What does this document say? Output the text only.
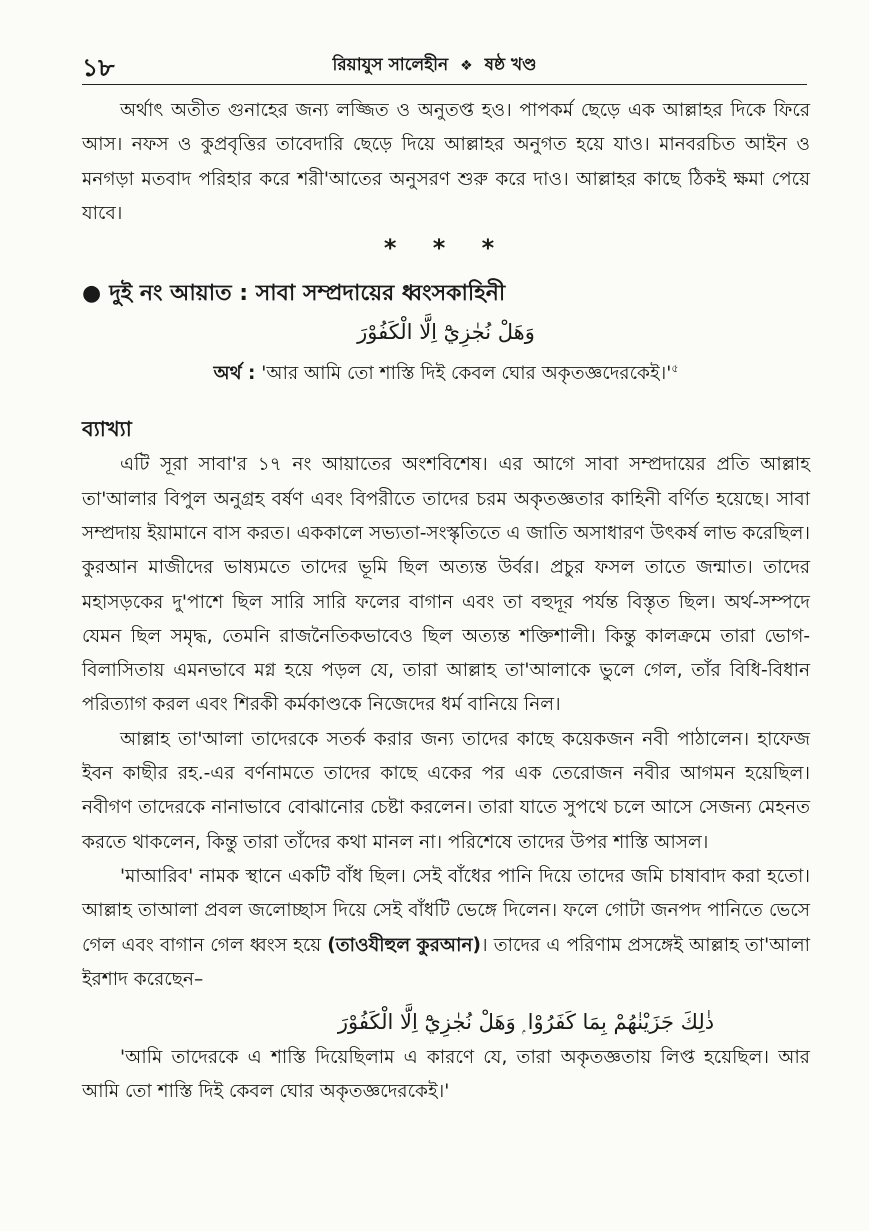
১৮	রিয়াযুস সালেহীন ❖ ষষ্ঠ খণ্ড

অর্থাৎ অতীত গুনাহের জন্য লজ্জিত ও অনুতপ্ত হও। পাপকর্ম ছেড়ে এক আল্লাহর দিকে ফিরে আস। নফস ও কুপ্রবৃত্তির তাবেদারি ছেড়ে দিয়ে আল্লাহর অনুগত হয়ে যাও। মানবরচিত আইন ও মনগড়া মতবাদ পরিহার করে শরী'আতের অনুসরণ শুরু করে দাও। আল্লাহর কাছে ঠিকই ক্ষমা পেয়ে যাবে।

* * *
● দুই নং আয়াত : সাবা সম্প্রদায়ের ধ্বংসকাহিনী
وَهَلْ نُجٰزِيْٓ اِلَّا الْكَفُوْرَ
অর্থ : 'আর আমি তো শাস্তি দিই কেবল ঘোর $অকৃতজ্ঞদেরকেই।'^৫$
ব্যাখ্যা

এটি সূরা সাবা'র ১৭ নং আয়াতের অংশবিশেষ। এর আগে সাবা সম্প্রদায়ের প্রতি আল্লাহ তা'আলার বিপুল অনুগ্রহ বর্ষণ এবং বিপরীতে তাদের চরম অকৃতজ্ঞতার কাহিনী বর্ণিত হয়েছে। সাবা সম্প্রদায় ইয়ামানে বাস করত। এককালে সভ্যতা-সংস্কৃতিতে এ জাতি অসাধারণ উৎকর্ষ লাভ করেছিল। কুরআন মাজীদের ভাষ্যমতে তাদের ভূমি ছিল অত্যন্ত উর্বর। প্রচুর ফসল তাতে জন্মাত। তাদের মহাসড়কের দু'পাশে ছিল সারি সারি ফলের বাগান এবং তা বহুদূর পর্যন্ত বিস্তৃত ছিল। অর্থ-সম্পদে যেমন ছিল সমৃদ্ধ, তেমনি রাজনৈতিকভাবেও ছিল অত্যন্ত শক্তিশালী। কিন্তু কালক্রমে তারা ভোগ-বিলাসিতায় এমনভাবে মগ্ন হয়ে পড়ল যে, তারা আল্লাহ তা'আলাকে ভুলে গেল, তাঁর বিধি-বিধান পরিত্যাগ করল এবং শিরকী কর্মকাণ্ডকে নিজেদের ধর্ম বানিয়ে নিল।

আল্লাহ তা'আলা তাদেরকে সতর্ক করার জন্য তাদের কাছে কয়েকজন নবী পাঠালেন। হাফেজ ইবন কাছীর রহ.-এর বর্ণনামতে তাদের কাছে একের পর এক তেরোজন নবীর আগমন হয়েছিল। নবীগণ তাদেরকে নানাভাবে বোঝানোর চেষ্টা করলেন। তারা যাতে সুপথে চলে আসে সেজন্য মেহনত করতে থাকলেন, কিন্তু তারা তাঁদের কথা মানল না। পরিশেষে তাদের উপর শাস্তি আসল।

'মাআরিব' নামক স্থানে একটি বাঁধ ছিল। সেই বাঁধের পানি দিয়ে তাদের জমি চাষাবাদ করা হতো। আল্লাহ তাআলা প্রবল জলোচ্ছাস দিয়ে সেই বাঁধটি ভেঙ্গে দিলেন। ফলে গোটা জনপদ পানিতে ভেসে গেল এবং বাগান গেল ধ্বংস হয়ে (তাওযীহুল কুরআন)। তাদের এ পরিণাম প্রসঙ্গেই আল্লাহ তা'আলা ইরশাদ করেছেন–

ذٰلِكَ جَزَيْنٰهُمْ بِمَا كَفَرُوْا ۭ وَهَلْ نُجٰزِيْٓ اِلَّا الْكَفُوْرَ

'আমি তাদেরকে এ শাস্তি দিয়েছিলাম এ কারণে যে, তারা অকৃতজ্ঞতায় লিপ্ত হয়েছিল। আর আমি তো শাস্তি দিই কেবল ঘোর অকৃতজ্ঞদেরকেই।'
